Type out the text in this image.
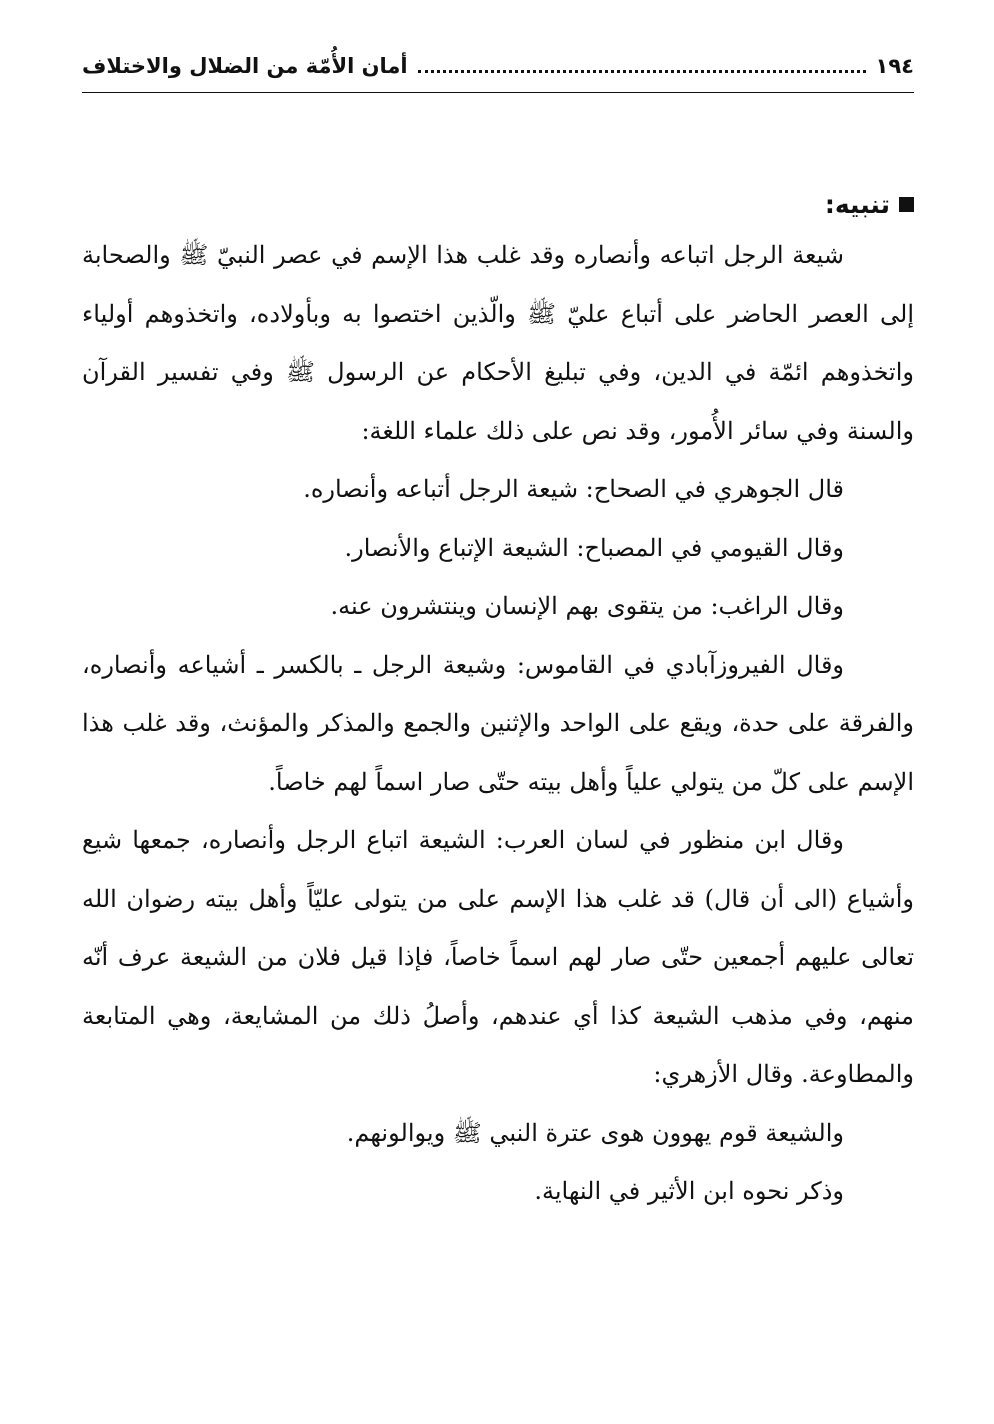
١٩٤
أمان الأُمّة من الضلال والاختلاف
تنبيه:

شيعة الرجل اتباعه وأنصاره وقد غلب هذا الإسم في عصر النبيّ ﷺ والصحابة إلى العصر الحاضر على أتباع عليّ ﷺ والّذين اختصوا به وبأولاده، واتخذوهم أولياء واتخذوهم ائمّة في الدين، وفي تبليغ الأحكام عن الرسول ﷺ وفي تفسير القرآن والسنة وفي سائر الأُمور، وقد نص على ذلك علماء اللغة:

قال الجوهري في الصحاح: شيعة الرجل أتباعه وأنصاره.

وقال القيومي في المصباح: الشيعة الإتباع والأنصار.

وقال الراغب: من يتقوى بهم الإنسان وينتشرون عنه.

وقال الفيروزآبادي في القاموس: وشيعة الرجل ـ بالكسر ـ أشياعه وأنصاره، والفرقة على حدة، ويقع على الواحد والإثنين والجمع والمذكر والمؤنث، وقد غلب هذا الإسم على كلّ من يتولي علياً وأهل بيته حتّى صار اسماً لهم خاصاً.

وقال ابن منظور في لسان العرب: الشيعة اتباع الرجل وأنصاره، جمعها شيع وأشياع (الى أن قال) قد غلب هذا الإسم على من يتولى عليّاً وأهل بيته رضوان الله تعالى عليهم أجمعين حتّى صار لهم اسماً خاصاً، فإذا قيل فلان من الشيعة عرف أنّه منهم، وفي مذهب الشيعة كذا أي عندهم، وأصلُ ذلك من المشايعة، وهي المتابعة والمطاوعة. وقال الأزهري:

والشيعة قوم يهوون هوى عترة النبي ﷺ ويوالونهم.

وذكر نحوه ابن الأثير في النهاية.
